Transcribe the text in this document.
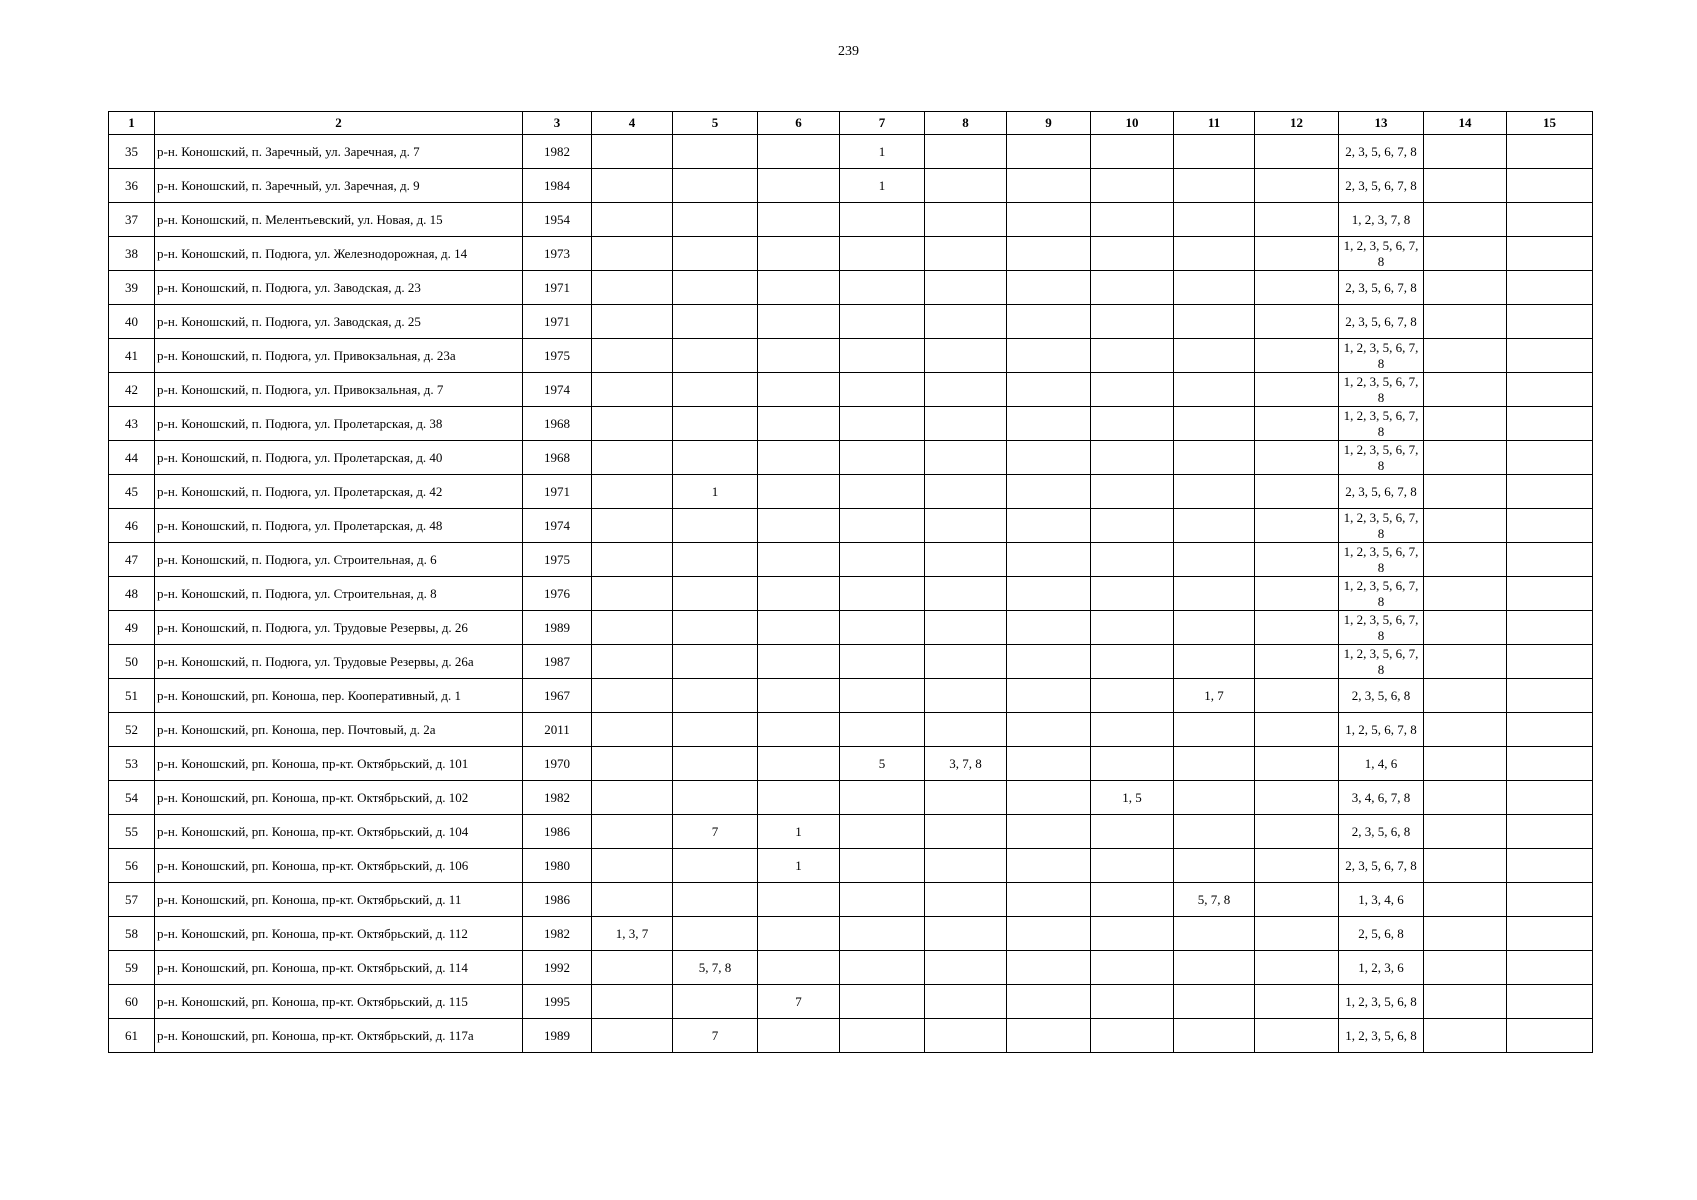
239
1	2	3	4	5	6	7	8	9	10	11	12	13	14	15
35	р-н. Коношский, п. Заречный, ул. Заречная, д. 7	1982				1						2, 3, 5, 6, 7, 8		
36	р-н. Коношский, п. Заречный, ул. Заречная, д. 9	1984				1						2, 3, 5, 6, 7, 8		
37	р-н. Коношский, п. Мелентьевский, ул. Новая, д. 15	1954										1, 2, 3, 7, 8		
38	р-н. Коношский, п. Подюга, ул. Железнодорожная, д. 14	1973										1, 2, 3, 5, 6, 7, 8		
39	р-н. Коношский, п. Подюга, ул. Заводская, д. 23	1971										2, 3, 5, 6, 7, 8		
40	р-н. Коношский, п. Подюга, ул. Заводская, д. 25	1971										2, 3, 5, 6, 7, 8		
41	р-н. Коношский, п. Подюга, ул. Привокзальная, д. 23а	1975										1, 2, 3, 5, 6, 7, 8		
42	р-н. Коношский, п. Подюга, ул. Привокзальная, д. 7	1974										1, 2, 3, 5, 6, 7, 8		
43	р-н. Коношский, п. Подюга, ул. Пролетарская, д. 38	1968										1, 2, 3, 5, 6, 7, 8		
44	р-н. Коношский, п. Подюга, ул. Пролетарская, д. 40	1968										1, 2, 3, 5, 6, 7, 8		
45	р-н. Коношский, п. Подюга, ул. Пролетарская, д. 42	1971		1								2, 3, 5, 6, 7, 8		
46	р-н. Коношский, п. Подюга, ул. Пролетарская, д. 48	1974										1, 2, 3, 5, 6, 7, 8		
47	р-н. Коношский, п. Подюга, ул. Строительная, д. 6	1975										1, 2, 3, 5, 6, 7, 8		
48	р-н. Коношский, п. Подюга, ул. Строительная, д. 8	1976										1, 2, 3, 5, 6, 7, 8		
49	р-н. Коношский, п. Подюга, ул. Трудовые Резервы, д. 26	1989										1, 2, 3, 5, 6, 7, 8		
50	р-н. Коношский, п. Подюга, ул. Трудовые Резервы, д. 26а	1987										1, 2, 3, 5, 6, 7, 8		
51	р-н. Коношский, рп. Коноша, пер. Кооперативный, д. 1	1967								1, 7		2, 3, 5, 6, 8		
52	р-н. Коношский, рп. Коноша, пер. Почтовый, д. 2а	2011										1, 2, 5, 6, 7, 8		
53	р-н. Коношский, рп. Коноша, пр-кт. Октябрьский, д. 101	1970				5	3, 7, 8					1, 4, 6		
54	р-н. Коношский, рп. Коноша, пр-кт. Октябрьский, д. 102	1982							1, 5			3, 4, 6, 7, 8		
55	р-н. Коношский, рп. Коноша, пр-кт. Октябрьский, д. 104	1986		7	1							2, 3, 5, 6, 8		
56	р-н. Коношский, рп. Коноша, пр-кт. Октябрьский, д. 106	1980			1							2, 3, 5, 6, 7, 8		
57	р-н. Коношский, рп. Коноша, пр-кт. Октябрьский, д. 11	1986								5, 7, 8		1, 3, 4, 6		
58	р-н. Коношский, рп. Коноша, пр-кт. Октябрьский, д. 112	1982	1, 3, 7									2, 5, 6, 8		
59	р-н. Коношский, рп. Коноша, пр-кт. Октябрьский, д. 114	1992		5, 7, 8								1, 2, 3, 6		
60	р-н. Коношский, рп. Коноша, пр-кт. Октябрьский, д. 115	1995			7							1, 2, 3, 5, 6, 8		
61	р-н. Коношский, рп. Коноша, пр-кт. Октябрьский, д. 117а	1989		7								1, 2, 3, 5, 6, 8		
